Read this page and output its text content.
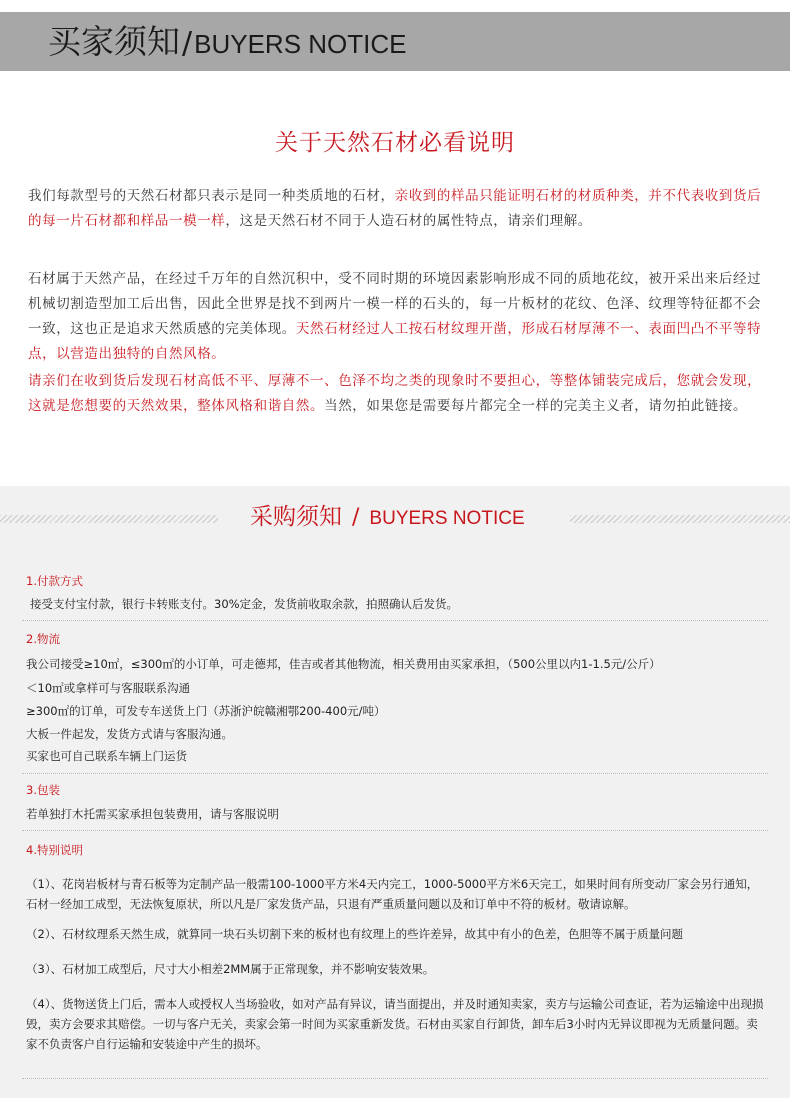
买家须知/BUYERS NOTICE
关于天然石材必看说明
我们每款型号的天然石材都只表示是同一种类质地的石材，亲收到的样品只能证明石材的材质种类，并不代表收到货后的每一片石材都和样品一模一样，这是天然石材不同于人造石材的属性特点，请亲们理解。
石材属于天然产品，在经过千万年的自然沉积中，受不同时期的环境因素影响形成不同的质地花纹，被开采出来后经过机械切割造型加工后出售，因此全世界是找不到两片一模一样的石头的，每一片板材的花纹、色泽、纹理等特征都不会一致，这也正是追求天然质感的完美体现。天然石材经过人工按石材纹理开凿，形成石材厚薄不一、表面凹凸不平等特点，以营造出独特的自然风格。
请亲们在收到货后发现石材高低不平、厚薄不一、色泽不均之类的现象时不要担心，等整体铺装完成后，您就会发现，这就是您想要的天然效果，整体风格和谐自然。当然，如果您是需要每片都完全一样的完美主义者，请勿拍此链接。
采购须知 / BUYERS NOTICE
1.付款方式
接受支付宝付款，银行卡转账支付。30%定金，发货前收取余款，拍照确认后发货。
2.物流
我公司接受≥10㎡，≤300㎡的小订单，可走德邦，佳吉或者其他物流，相关费用由买家承担，（500公里以内1-1.5元/公斤）
＜10㎡或拿样可与客服联系沟通
≥300㎡的订单，可发专车送货上门（苏浙沪皖赣湘鄂200-400元/吨）
大板一件起发，发货方式请与客服沟通。
买家也可自己联系车辆上门运货
3.包装
若单独打木托需买家承担包装费用，请与客服说明
4.特别说明
（1）、花岗岩板材与青石板等为定制产品一般需100-1000平方米4天内完工，1000-5000平方米6天完工，如果时间有所变动厂家会另行通知，石材一经加工成型，无法恢复原状，所以凡是厂家发货产品，只退有严重质量问题以及和订单中不符的板材。敬请谅解。
（2）、石材纹理系天然生成，就算同一块石头切割下来的板材也有纹理上的些许差异，故其中有小的色差，色胆等不属于质量问题
（3）、石材加工成型后，尺寸大小相差2MM属于正常现象，并不影响安装效果。
（4）、货物送货上门后，需本人或授权人当场验收，如对产品有异议，请当面提出，并及时通知卖家，卖方与运输公司查证，若为运输途中出现损毁，卖方会要求其赔偿。一切与客户无关，卖家会第一时间为买家重新发货。石材由买家自行卸货，卸车后3小时内无异议即视为无质量问题。卖家不负责客户自行运输和安装途中产生的损坏。
